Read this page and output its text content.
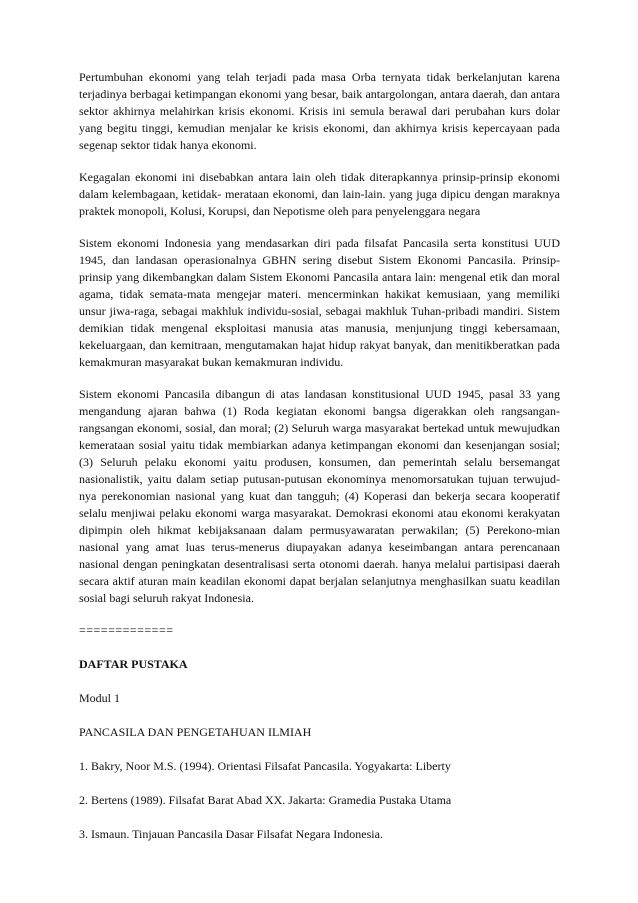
Pertumbuhan ekonomi yang telah terjadi pada masa Orba ternyata tidak berkelanjutan karena terjadinya berbagai ketimpangan ekonomi yang besar, baik antargolongan, antara daerah, dan antara sektor akhirnya melahirkan krisis ekonomi. Krisis ini semula berawal dari perubahan kurs dolar yang begitu tinggi, kemudian menjalar ke krisis ekonomi, dan akhirnya krisis kepercayaan pada segenap sektor tidak hanya ekonomi.

Kegagalan ekonomi ini disebabkan antara lain oleh tidak diterapkannya prinsip-prinsip ekonomi dalam kelembagaan, ketidak- merataan ekonomi, dan lain-lain. yang juga dipicu dengan maraknya praktek monopoli, Kolusi, Korupsi, dan Nepotisme oleh para penyelenggara negara

Sistem ekonomi Indonesia yang mendasarkan diri pada filsafat Pancasila serta konstitusi UUD 1945, dan landasan operasionalnya GBHN sering disebut Sistem Ekonomi Pancasila. Prinsip-prinsip yang dikembangkan dalam Sistem Ekonomi Pancasila antara lain: mengenal etik dan moral agama, tidak semata-mata mengejar materi. mencerminkan hakikat kemusiaan, yang memiliki unsur jiwa-raga, sebagai makhluk individu-sosial, sebagai makhluk Tuhan-pribadi mandiri. Sistem demikian tidak mengenal eksploitasi manusia atas manusia, menjunjung tinggi kebersamaan, kekeluargaan, dan kemitraan, mengutamakan hajat hidup rakyat banyak, dan menitikberatkan pada kemakmuran masyarakat bukan kemakmuran individu.

Sistem ekonomi Pancasila dibangun di atas landasan konstitusional UUD 1945, pasal 33 yang mengandung ajaran bahwa (1) Roda kegiatan ekonomi bangsa digerakkan oleh rangsangan-rangsangan ekonomi, sosial, dan moral; (2) Seluruh warga masyarakat bertekad untuk mewujudkan kemerataan sosial yaitu tidak membiarkan adanya ketimpangan ekonomi dan kesenjangan sosial; (3) Seluruh pelaku ekonomi yaitu produsen, konsumen, dan pemerintah selalu bersemangat nasionalistik, yaitu dalam setiap putusan-putusan ekonominya menomorsatukan tujuan terwujud-nya perekonomian nasional yang kuat dan tangguh; (4) Koperasi dan bekerja secara kooperatif selalu menjiwai pelaku ekonomi warga masyarakat. Demokrasi ekonomi atau ekonomi kerakyatan dipimpin oleh hikmat kebijaksanaan dalam permusyawaratan perwakilan; (5) Perekono-mian nasional yang amat luas terus-menerus diupayakan adanya keseimbangan antara perencanaan nasional dengan peningkatan desentralisasi serta otonomi daerah. hanya melalui partisipasi daerah secara aktif aturan main keadilan ekonomi dapat berjalan selanjutnya menghasilkan suatu keadilan sosial bagi seluruh rakyat Indonesia.

=============
DAFTAR PUSTAKA
Modul 1
PANCASILA DAN PENGETAHUAN ILMIAH
1. Bakry, Noor M.S. (1994). Orientasi Filsafat Pancasila. Yogyakarta: Liberty
2. Bertens (1989). Filsafat Barat Abad XX. Jakarta: Gramedia Pustaka Utama
3. Ismaun. Tinjauan Pancasila Dasar Filsafat Negara Indonesia.
